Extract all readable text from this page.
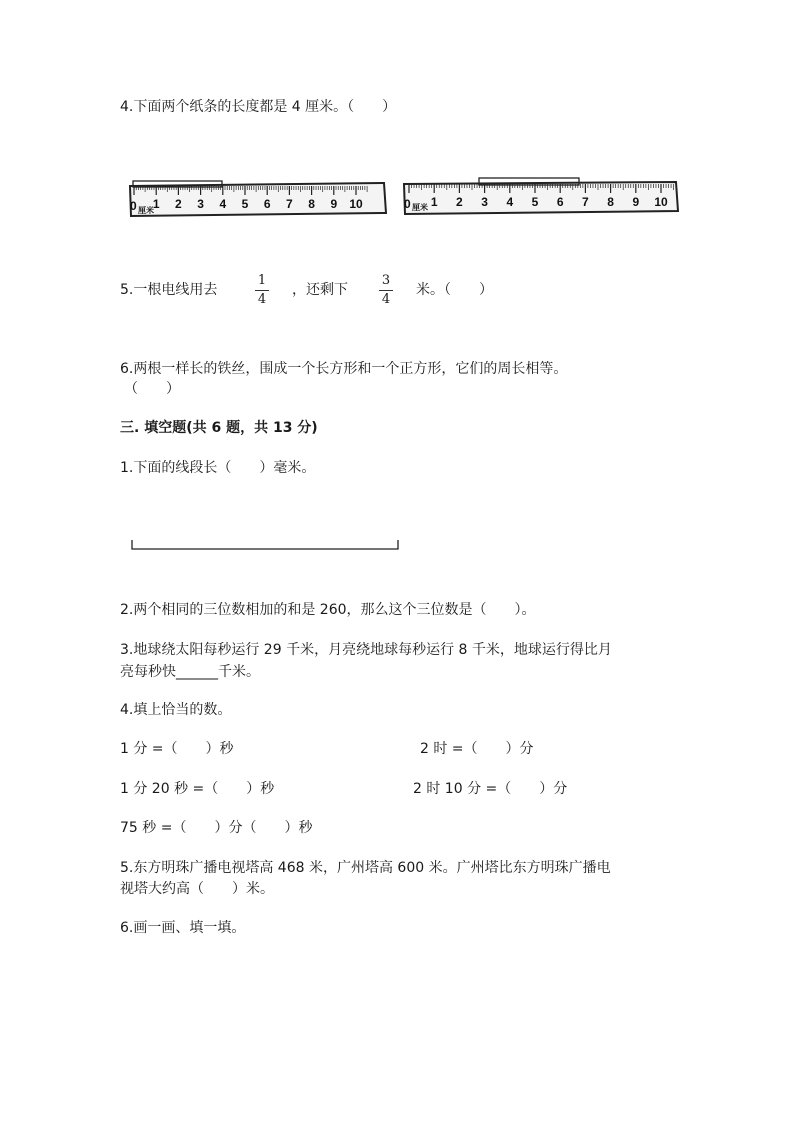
4.下面两个纸条的长度都是 4 厘米。（　　）
0 厘米
1 2 3 4 5 6 7 8 9 10	0 厘米 1 2 3 4 5 6 7 8 9 10
5.一根电线用去
1
4
，还剩下
3
4
米。（　　）
6.两根一样长的铁丝，围成一个长方形和一个正方形，它们的周长相等。
（　　）
三. 填空题(共 6 题，共 13 分)
1.下面的线段长（　　）毫米。
2.两个相同的三位数相加的和是 260，那么这个三位数是（　　）。
3.地球绕太阳每秒运行 29 千米，月亮绕地球每秒运行 8 千米，地球运行得比月
亮每秒快______千米。
4.填上恰当的数。
1 分 =（　　）秒	2 时 =（　　）分
1 分 20 秒 =（　　）秒	2 时 10 分 =（　　）分
75 秒 =（　　）分（　　）秒
5.东方明珠广播电视塔高 468 米，广州塔高 600 米。广州塔比东方明珠广播电
视塔大约高（　　）米。
6.画一画、填一填。
